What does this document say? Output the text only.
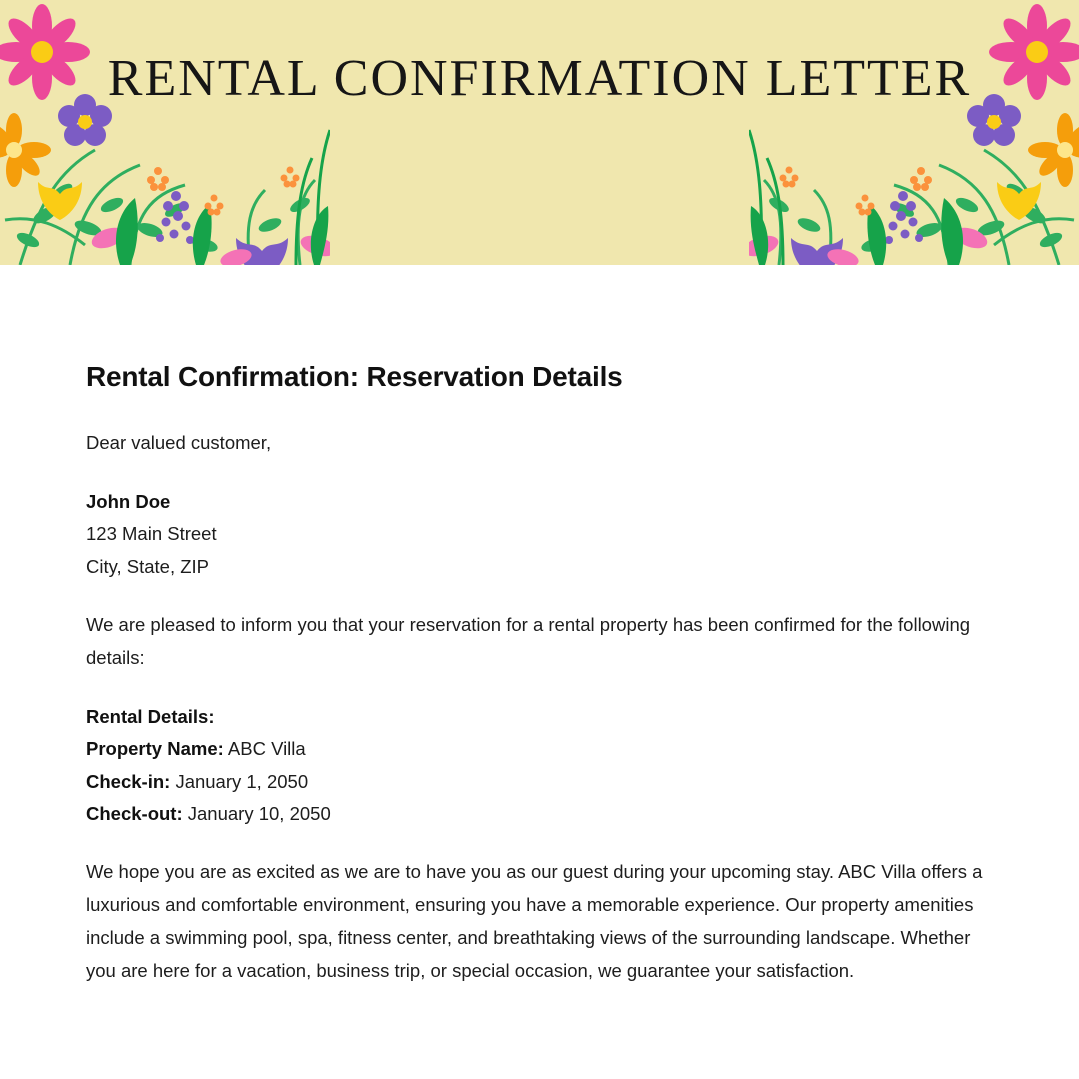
RENTAL CONFIRMATION LETTER
Rental Confirmation: Reservation Details
Dear valued customer,
John Doe
123 Main Street
City, State, ZIP
We are pleased to inform you that your reservation for a rental property has been confirmed for the following details:
Rental Details:
Property Name: ABC Villa
Check-in: January 1, 2050
Check-out: January 10, 2050
We hope you are as excited as we are to have you as our guest during your upcoming stay. ABC Villa offers a luxurious and comfortable environment, ensuring you have a memorable experience. Our property amenities include a swimming pool, spa, fitness center, and breathtaking views of the surrounding landscape. Whether you are here for a vacation, business trip, or special occasion, we guarantee your satisfaction.
